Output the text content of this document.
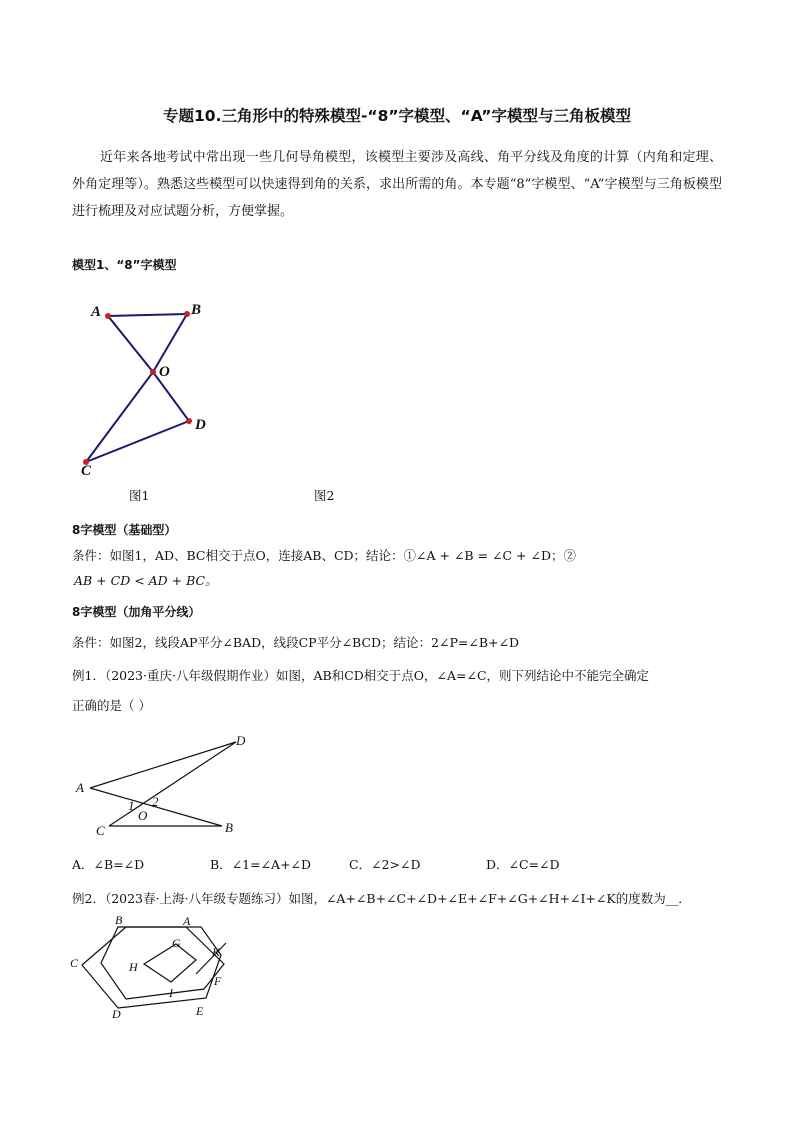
专题10.三角形中的特殊模型-“8”字模型、“A”字模型与三角板模型
近年来各地考试中常出现一些几何导角模型，该模型主要涉及高线、角平分线及角度的计算（内角和定理、外角定理等）。熟悉这些模型可以快速得到角的关系，求出所需的角。本专题“8”字模型、“A”字模型与三角板模型进行梳理及对应试题分析，方便掌握。
模型1、“8”字模型
A	B
O
C
D
图1	图2
8字模型（基础型）
条件：如图1，AD、BC相交于点O，连接AB、CD；结论：①∠A + ∠B = ∠C + ∠D；②
AB + CD < AD + BC。
8字模型（加角平分线）
条件：如图2，线段AP平分∠BAD，线段CP平分∠BCD；结论：2∠P=∠B+∠D
例1．（2023·重庆·八年级假期作业）如图，AB和CD相交于点O，∠A=∠C，则下列结论中不能完全确定
正确的是（ ）
A
D
O
1 2
C	B
A．∠B=∠D	B．∠1=∠A+∠D	C．∠2>∠D	D．∠C=∠D
例2．（2023春·上海·八年级专题练习）如图，∠A+∠B+∠C+∠D+∠E+∠F+∠G+∠H+∠I+∠K的度数为__．
B	A
G
K
C	H
F
I
D	E
